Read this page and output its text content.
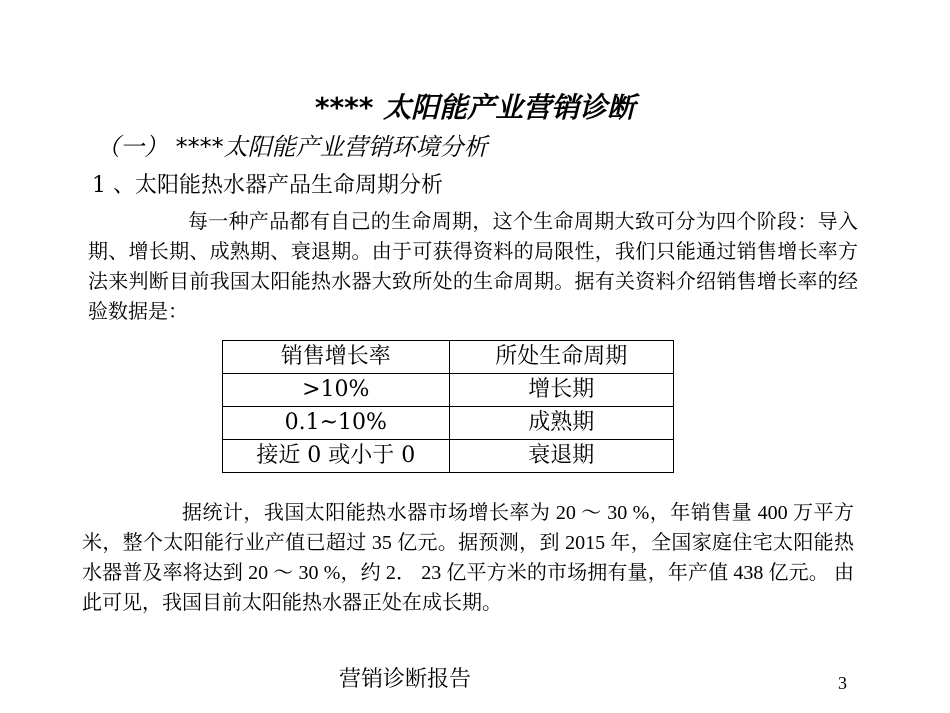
**** 太阳能产业营销诊断
（一） ****太阳能产业营销环境分析
1 、太阳能热水器产品生命周期分析

每一种产品都有自己的生命周期，这个生命周期大致可分为四个阶段：导入期、增长期、成熟期、衰退期。由于可获得资料的局限性，我们只能通过销售增长率方法来判断目前我国太阳能热水器大致所处的生命周期。据有关资料介绍销售增长率的经验数据是：

销售增长率	所处生命周期
>10%	增长期
0.1~10%	成熟期
接近 0 或小于 0	衰退期

据统计，我国太阳能热水器市场增长率为 20 ～ 30 %，年销售量 400 万平方米，整个太阳能行业产值已超过 35 亿元。据预测，到 2015 年，全国家庭住宅太阳能热水器普及率将达到 20 ～ 30 %，约 2． 23 亿平方米的市场拥有量，年产值 438 亿元。 由此可见，我国目前太阳能热水器正处在成长期。

营销诊断报告	3
